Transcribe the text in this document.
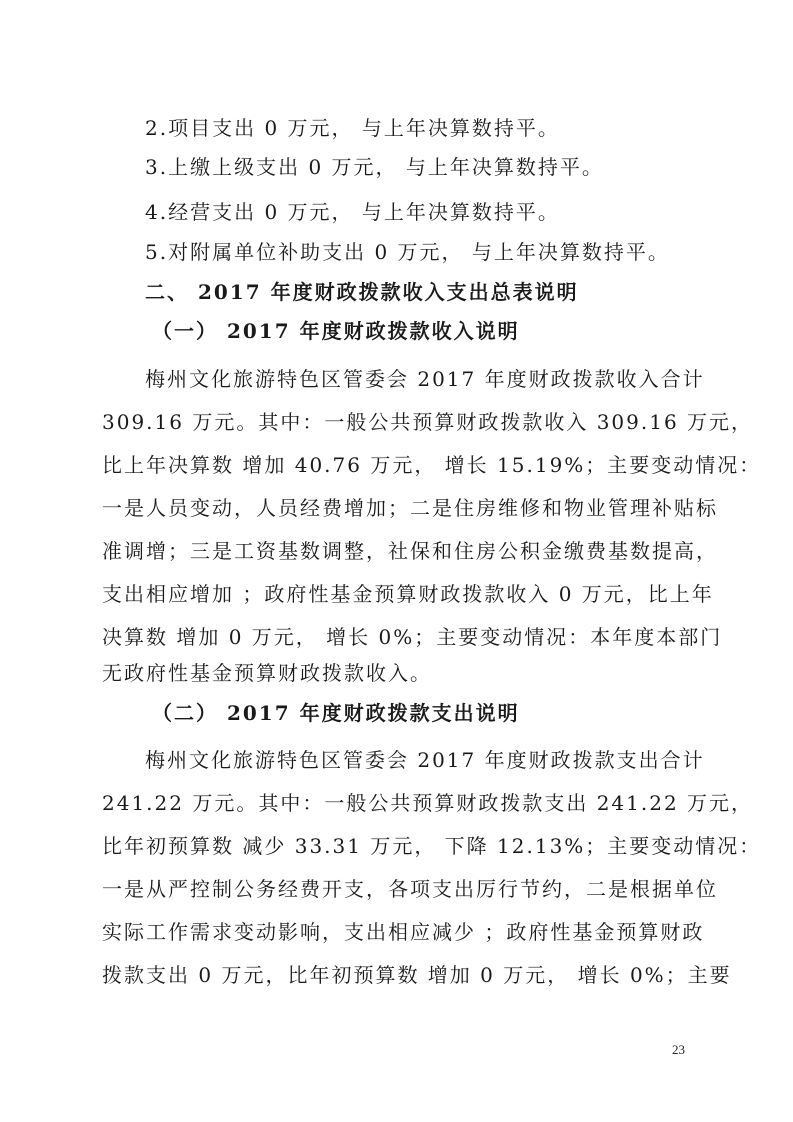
2.项目支出 0 万元， 与上年决算数持平。
3.上缴上级支出 0 万元， 与上年决算数持平。
4.经营支出 0 万元， 与上年决算数持平。
5.对附属单位补助支出 0 万元， 与上年决算数持平。
二、 2017 年度财政拨款收入支出总表说明
（一） 2017 年度财政拨款收入说明
梅州文化旅游特色区管委会 2017 年度财政拨款收入合计
309.16 万元。其中：一般公共预算财政拨款收入 309.16 万元，
比上年决算数 增加 40.76 万元， 增长 15.19%；主要变动情况：
一是人员变动，人员经费增加；二是住房维修和物业管理补贴标
准调增；三是工资基数调整，社保和住房公积金缴费基数提高，
支出相应增加 ；政府性基金预算财政拨款收入 0 万元，比上年
决算数 增加 0 万元， 增长 0%；主要变动情况：本年度本部门
无政府性基金预算财政拨款收入。
（二） 2017 年度财政拨款支出说明
梅州文化旅游特色区管委会 2017 年度财政拨款支出合计
241.22 万元。其中：一般公共预算财政拨款支出 241.22 万元，
比年初预算数 减少 33.31 万元， 下降 12.13%；主要变动情况：
一是从严控制公务经费开支，各项支出厉行节约，二是根据单位
实际工作需求变动影响，支出相应减少 ；政府性基金预算财政
拨款支出 0 万元，比年初预算数 增加 0 万元， 增长 0%；主要
23
